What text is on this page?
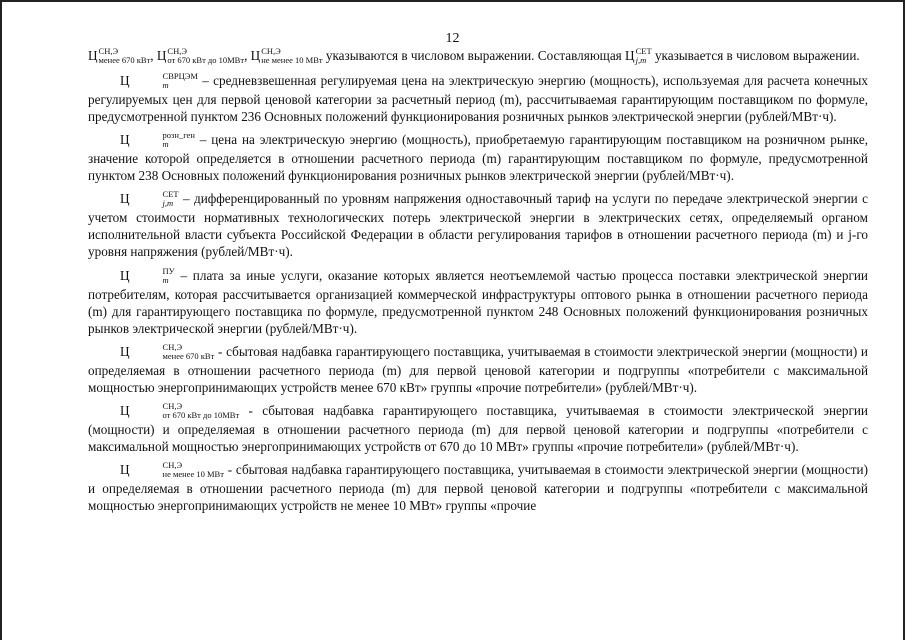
12

Ц СН,Э
менее 670 кВт , Ц СН,Э
от 670 кВт до 10МВт , Ц СН,Э
не менее 10 МВт указываются в числовом выражении. Составляющая Ц СЕТ
j,m указывается в числовом выражении.

Ц	СВРЦЭМ
m	– средневзвешенная регулируемая цена на электрическую энергию (мощность), используемая для расчета конечных регулируемых цен для первой ценовой категории за расчетный период (m), рассчитываемая гарантирующим поставщиком по формуле, предусмотренной пунктом 236 Основных положений функционирования розничных рынков электрической энергии (рублей/МВт·ч).

Ц	розн_ген
m	– цена на электрическую энергию (мощность), приобретаемую гарантирующим поставщиком на розничном рынке, значение которой определяется в отношении расчетного периода (m) гарантирующим поставщиком по формуле, предусмотренной пунктом 238 Основных положений функционирования розничных рынков электрической энергии (рублей/МВт·ч).

Ц	СЕТ
j,m – дифференцированный по уровням напряжения одноставочный тариф на услуги по передаче электрической энергии с учетом стоимости нормативных технологических потерь электрической энергии в электрических сетях, определяемый органом исполнительной власти субъекта Российской Федерации в области регулирования тарифов в отношении расчетного периода (m) и j-го уровня напряжения (рублей/МВт·ч).

Ц	ПУ
m – плата за иные услуги, оказание которых является неотъемлемой частью процесса поставки электрической энергии потребителям, которая рассчитывается организацией коммерческой инфраструктуры оптового рынка в отношении расчетного периода (m) для гарантирующего поставщика по формуле, предусмотренной пунктом 248 Основных положений функционирования розничных рынков электрической энергии (рублей/МВт·ч).

Ц	СН,Э
менее 670 кВт - сбытовая надбавка гарантирующего поставщика, учитываемая в стоимости электрической энергии (мощности) и определяемая в отношении расчетного периода (m) для первой ценовой категории и подгруппы «потребители с максимальной мощностью энергопринимающих устройств менее 670 кВт» группы «прочие потребители» (рублей/МВт·ч).

Ц	СН,Э
от 670 кВт до 10МВт - сбытовая надбавка гарантирующего поставщика, учитываемая в стоимости электрической энергии (мощности) и определяемая в отношении расчетного периода (m) для первой ценовой категории и подгруппы «потребители с максимальной мощностью энергопринимающих устройств от 670 до 10 МВт» группы «прочие потребители» (рублей/МВт·ч).

Ц	СН,Э
не менее 10 МВт - сбытовая надбавка гарантирующего поставщика, учитываемая в стоимости электрической энергии (мощности) и определяемая в отношении расчетного периода (m) для первой ценовой категории и подгруппы «потребители с максимальной мощностью энергопринимающих устройств не менее 10 МВт» группы «прочие
